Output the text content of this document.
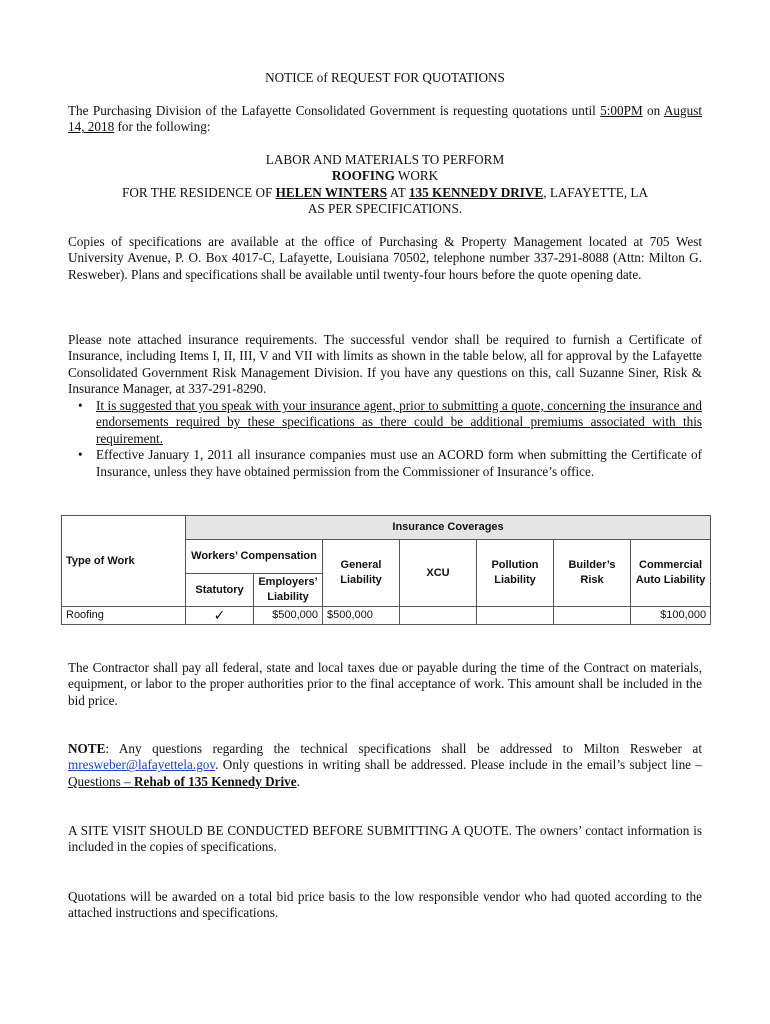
NOTICE of REQUEST FOR QUOTATIONS

The Purchasing Division of the Lafayette Consolidated Government is requesting quotations until 5:00PM on August 14, 2018 for the following:

LABOR AND MATERIALS TO PERFORM
ROOFING WORK
FOR THE RESIDENCE OF HELEN WINTERS AT 135 KENNEDY DRIVE, LAFAYETTE, LA
AS PER SPECIFICATIONS.

Copies of specifications are available at the office of Purchasing & Property Management located at 705 West University Avenue, P. O. Box 4017-C, Lafayette, Louisiana 70502, telephone number 337-291-8088 (Attn: Milton G. Resweber). Plans and specifications shall be available until twenty-four hours before the quote opening date.

Please note attached insurance requirements. The successful vendor shall be required to furnish a Certificate of Insurance, including Items I, II, III, V and VII with limits as shown in the table below, all for approval by the Lafayette Consolidated Government Risk Management Division. If you have any questions on this, call Suzanne Siner, Risk & Insurance Manager, at 337-291-8290.

• It is suggested that you speak with your insurance agent, prior to submitting a quote, concerning the insurance and endorsements required by these specifications as there could be additional premiums associated with this requirement.
• Effective January 1, 2011 all insurance companies must use an ACORD form when submitting the Certificate of Insurance, unless they have obtained permission from the Commissioner of Insurance’s office.
Type of Work	Insurance Coverages						
	Workers’ Compensation		General Liability	XCU	Pollution Liability	Builder’s Risk	Commercial Auto Liability
	Statutory	Employers’ Liability					
Roofing	✓	$500,000	$500,000				$100,000

The Contractor shall pay all federal, state and local taxes due or payable during the time of the Contract on materials, equipment, or labor to the proper authorities prior to the final acceptance of work. This amount shall be included in the bid price.

NOTE: Any questions regarding the technical specifications shall be addressed to Milton Resweber at mresweber@lafayettela.gov. Only questions in writing shall be addressed. Please include in the email’s subject line – Questions – Rehab of 135 Kennedy Drive.

A SITE VISIT SHOULD BE CONDUCTED BEFORE SUBMITTING A QUOTE. The owners’ contact information is included in the copies of specifications.

Quotations will be awarded on a total bid price basis to the low responsible vendor who had quoted according to the attached instructions and specifications.
